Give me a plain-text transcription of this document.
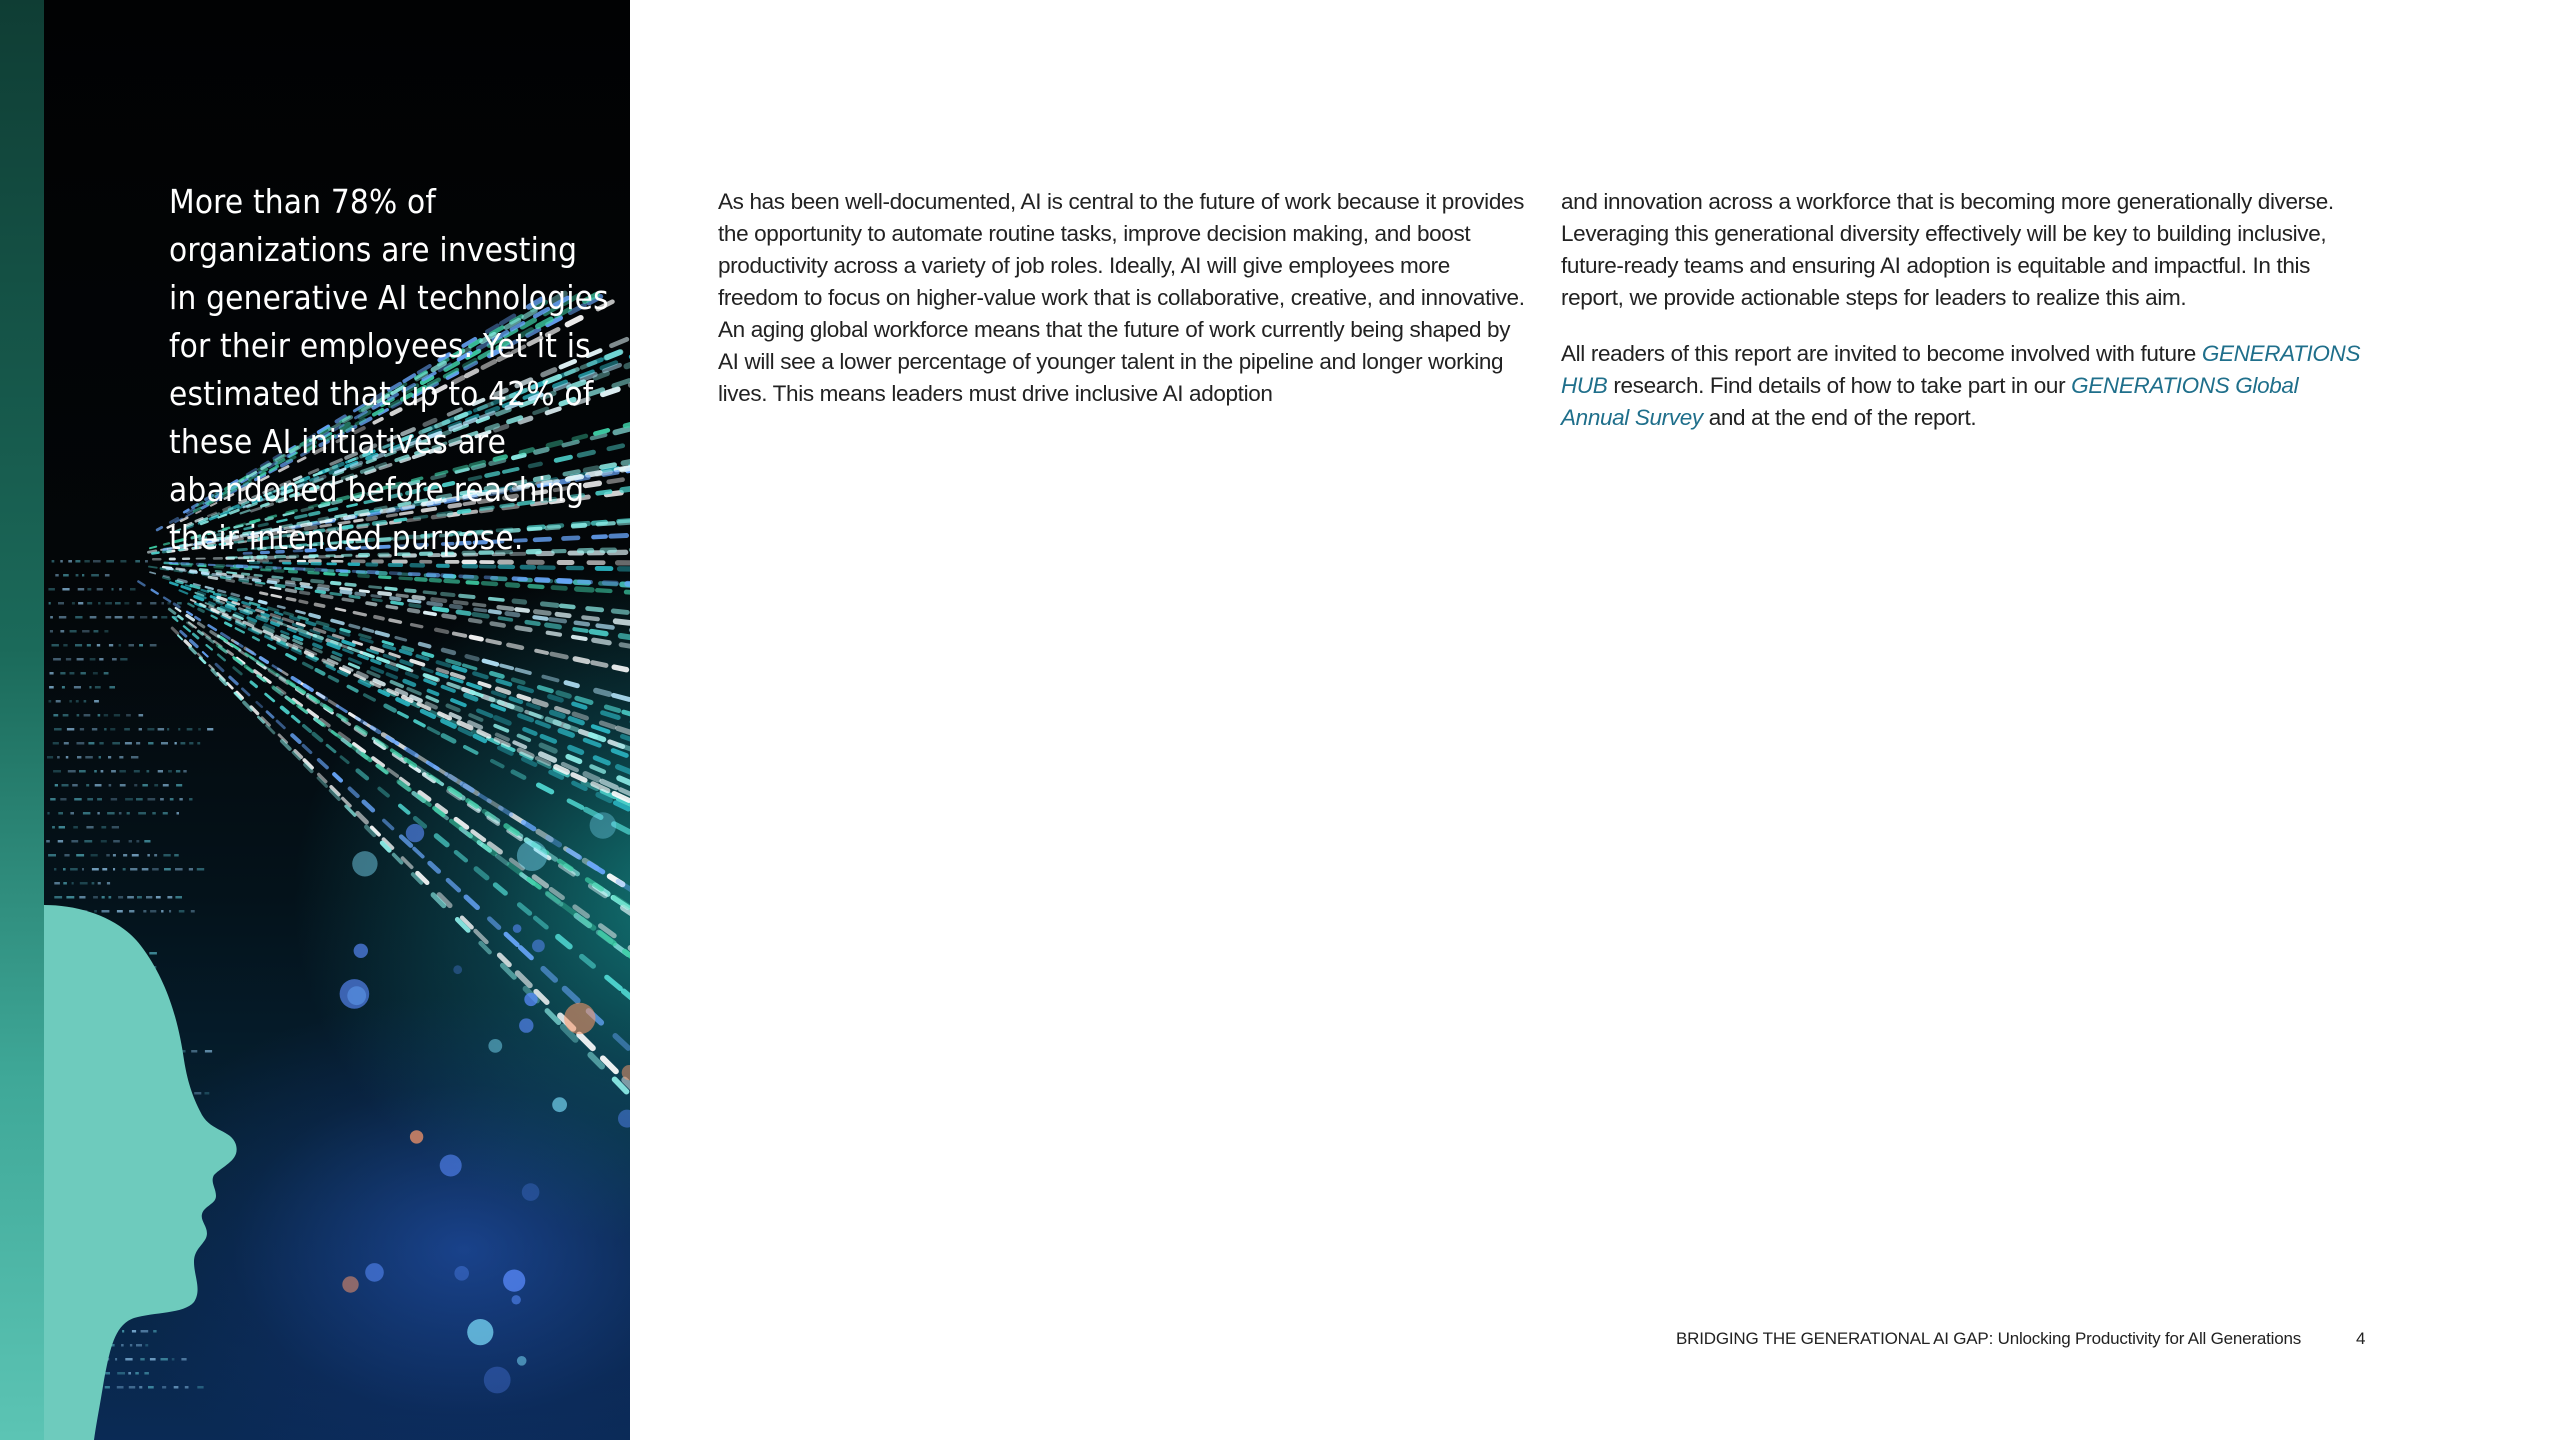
More than 78% of organizations are investing in generative AI technologies for their employees. Yet it is estimated that up to 42% of these AI initiatives are abandoned before reaching their intended purpose.

As has been well-documented, AI is central to the future of work because it provides the opportunity to automate routine tasks, improve decision making, and boost productivity across a variety of job roles. Ideally, AI will give employees more freedom to focus on higher-value work that is collaborative, creative, and innovative. An aging global workforce means that the future of work currently being shaped by AI will see a lower percentage of younger talent in the pipeline and longer working lives. This means leaders must drive inclusive AI adoption

and innovation across a workforce that is becoming more generationally diverse. Leveraging this generational diversity effectively will be key to building inclusive, future-ready teams and ensuring AI adoption is equitable and impactful. In this report, we provide actionable steps for leaders to realize this aim.

All readers of this report are invited to become involved with future GENERATIONS HUB research. Find details of how to take part in our GENERATIONS Global Annual Survey and at the end of the report.

BRIDGING THE GENERATIONAL AI GAP: Unlocking Productivity for All Generations	4
